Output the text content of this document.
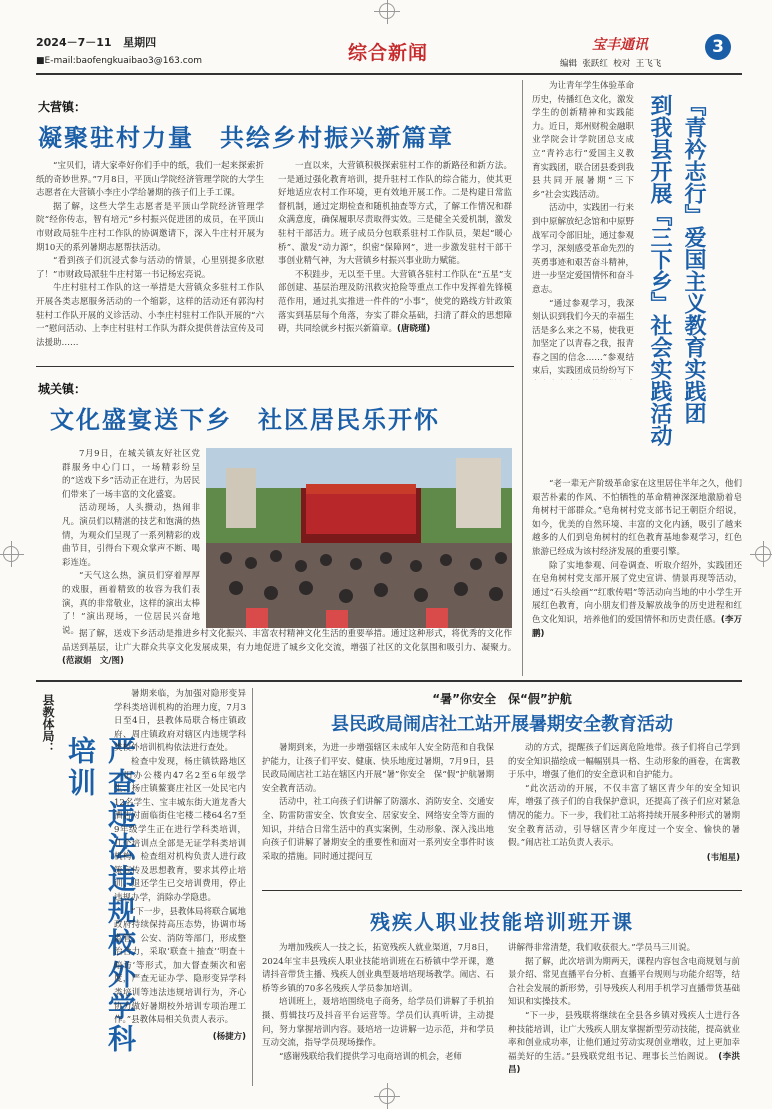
2024－7－11 星期四
■E-mail:baofengkuaibao3@163.com	综合新闻	宝丰通讯	3
编辑  张跃红  校对  王飞飞
大营镇：
凝聚驻村力量　共绘乡村振兴新篇章

“宝贝们，请大家牵好你们手中的纸，我们一起来探索折纸的奇妙世界。”7月8日，平顶山学院经济管理学院的大学生志愿者在大营镇小李庄小学给暑期的孩子们上手工课。

据了解，这些大学生志愿者是平顶山学院经济管理学院“经你传志，智有培元”乡村振兴促进团的成员，在平顶山市财政局驻牛庄村工作队的协调邀请下，深入牛庄村开展为期10天的系列暑期志愿帮扶活动。

“看到孩子们沉浸式参与活动的情景，心里别提多欣慰了！”市财政局派驻牛庄村第一书记杨宏亮说。

牛庄村驻村工作队的这一举措是大营镇众多驻村工作队开展各类志愿服务活动的一个缩影，这样的活动还有郭沟村驻村工作队开展的义诊活动、小李庄村驻村工作队开展的“六一”慰问活动、上李庄村驻村工作队为群众提供普法宣传及司法援助……

一直以来，大营镇积极探索驻村工作的新路径和新方法。一是通过强化教育培训，提升驻村工作队的综合能力，使其更好地适应农村工作环境，更有效地开展工作。二是构建日常监督机制，通过定期检查和随机抽查等方式，了解工作情况和群众满意度，确保履职尽责取得实效。三是健全关爱机制，激发驻村干部活力。班子成员分包联系驻村工作队员，架起“暖心桥”、激发“动力源”，织密“保障网”，进一步激发驻村干部干事创业精气神，为大营镇乡村振兴事业助力赋能。

不积跬步，无以至千里。大营镇各驻村工作队在“五星”支部创建、基层治理及防汛救灾抢险等重点工作中发挥着先锋模范作用，通过扎实推进一件件的“小事”，使党的路线方针政策落实到基层每个角落，夯实了群众基础，扫清了群众的思想障碍，共同绘就乡村振兴新篇章。(唐晓瑾)

城关镇：
文化盛宴送下乡　社区居民乐开怀

7月9日，在城关镇友好社区党群服务中心门口，一场精彩纷呈的“送戏下乡”活动正在进行，为居民们带来了一场丰富的文化盛宴。

活动现场，人头攒动，热闹非凡。演员们以精湛的技艺和饱满的热情，为观众们呈现了一系列精彩的戏曲节目，引得台下观众掌声不断、喝彩连连。

“天气这么热，演员们穿着厚厚的戏服，画着精致的妆容为我们表演，真的非常敬业，这样的演出太棒了！”演出现场，一位居民兴奋地说。 据了解，送戏下乡活动是推进乡村文化振兴、丰富农村精神文化生活的重要举措。通过这种形式，将优秀的文化作品送到基层，让广大群众共享文化发展成果，有力地促进了城乡文化交流，增强了社区的文化氛围和吸引力、凝聚力。　(范淑娟　文/图)

为让青年学生体验革命历史，传播红色文化，激发学生的创新精神和实践能力。近日，郑州财税金融职业学院会计学院团总支成立“青衿志行”爱国主义教育实践团，联合团县委到我县共同开展暑期“三下乡”社会实践活动。

活动中，实践团一行来到中原解放纪念馆和中原野战军司令部旧址，通过参观学习，深刻感受革命先烈的英勇事迹和艰苦奋斗精神，进一步坚定爱国情怀和奋斗意志。

“通过参观学习，我深刻认识到我们今天的幸福生活是多么来之不易，使我更加坚定了以青春之我，报青春之国的信念……”参观结束后，实践团成员纷纷写下	『青衿志行』爱国主义教育实践团
到我县开展『三下乡』社会实践活动

“老一辈无产阶级革命家在这里居住半年之久，他们艰苦朴素的作风、不怕牺牲的革命精神深深地激励着皂角树村干部群众。”皂角树村党支部书记王朝臣介绍说，如今，优美的自然环境、丰富的文化内涵，吸引了越来越多的人们到皂角树村的红色教育基地参观学习，红色旅游已经成为该村经济发展的重要引擎。

除了实地参观、问卷调查、听取介绍外，实践团还在皂角树村党支部开展了党史宣讲、情景再现等活动，通过“石头绘画”“红歌传唱”等活动向当地的中小学生开展红色教育，向小朋友们普及解放战争的历史进程和红色文化知识，培养他们的爱国情怀和历史责任感。(李万鹏)

县教体局：
严查违法违规校外学科培训

暑期来临，为加强对隐形变异学科类培训机构的治理力度，7月3日至4日，县教体局联合杨庄镇政府、周庄镇政府对辖区内违规学科类校外培训机构依法进行查处。

检查中发现，杨庄镇铁路地区一旧办公楼内47名2至6年级学生、杨庄镇鳌赛庄社区一处民宅内12名学生、宝丰城东街大道龙香大酒店对面临街住宅楼二楼64名7至9年级学生正在进行学科类培训，几个培训点全部是无证学科类培训机构。检查组对机构负责人进行政策宣传及思想教育，要求其停止培训、退还学生已交培训费用，停止违规办学，消除办学隐患。

“下一步，县教体局将联合属地政府持续保持高压态势，协调市场监管、公安、消防等部门，形成整治合力，采取‘联查＋抽查’‘明查＋暗访’等形式，加大督查频次和密度，严查无证办学、隐形变异学科类培训等违法违规培训行为，齐心协力做好暑期校外培训专项治理工作。”县教体局相关负责人表示。

(杨捷方)
“暑”你安全　保“假”护航
县民政局闹店社工站开展暑期安全教育活动

暑期到来，为进一步增强辖区未成年人安全防范和自我保护能力，让孩子们平安、健康、快乐地度过暑期，7月9日，县民政局闹店社工站在辖区内开展“暑”你安全　保“假”护航暑期安全教育活动。

活动中，社工向孩子们讲解了防溺水、消防安全、交通安全、防雷防雷安全、饮食安全、居家安全、网络安全等方面的知识，并结合日常生活中的真实案例，生动形象、深入浅出地向孩子们讲解了暑期安全的重要性和面对一系列安全事件时该采取的措施。同时通过提问互

动的方式，提醒孩子们远离危险地带。孩子们将自己学到的安全知识描绘成一幅幅别具一格、生动形象的画卷，在寓教于乐中，增强了他们的安全意识和自护能力。

“此次活动的开展，不仅丰富了辖区青少年的安全知识库，增强了孩子们的自我保护意识，还提高了孩子们应对紧急情况的能力。下一步，我们社工站将持续开展多种形式的暑期安全教育活动，引导辖区青少年度过一个安全、愉快的暑假。”闹店社工站负责人表示。

(韦旭星)
残疾人职业技能培训班开课

为增加残疾人一技之长，拓宽残疾人就业渠道，7月8日，2024年宝丰县残疾人职业技能培训班在石桥镇中学开课，邀请抖音带货主播、残疾人创业典型聂培培现场教学。闹店、石桥等乡镇的70多名残疾人学员参加培训。

培训班上，聂培培围绕电子商务，给学员们讲解了手机拍摄、剪辑技巧及抖音平台运营等。学员们认真听讲，主动提问，努力掌握培训内容。聂培培一边讲解一边示范，并和学员互动交流，指导学员现场操作。

“感谢残联给我们提供学习电商培训的机会，老师

讲解得非常清楚，我们收获很大。”学员马三川说。

据了解，此次培训为期两天，课程内容包含电商规划与前景介绍、常见直播平台分析、直播平台规则与功能介绍等，结合社会发展的新形势，引导残疾人利用手机学习直播带货基础知识和实操技术。

“下一步，县残联将继续在全县各乡镇对残疾人士进行各种技能培训，让广大残疾人朋友掌握新型劳动技能，提高就业率和创业成功率，让他们通过劳动实现创业增收，过上更加幸福美好的生活。”县残联党组书记、理事长兰怡阁说。　 (李洪昌)
